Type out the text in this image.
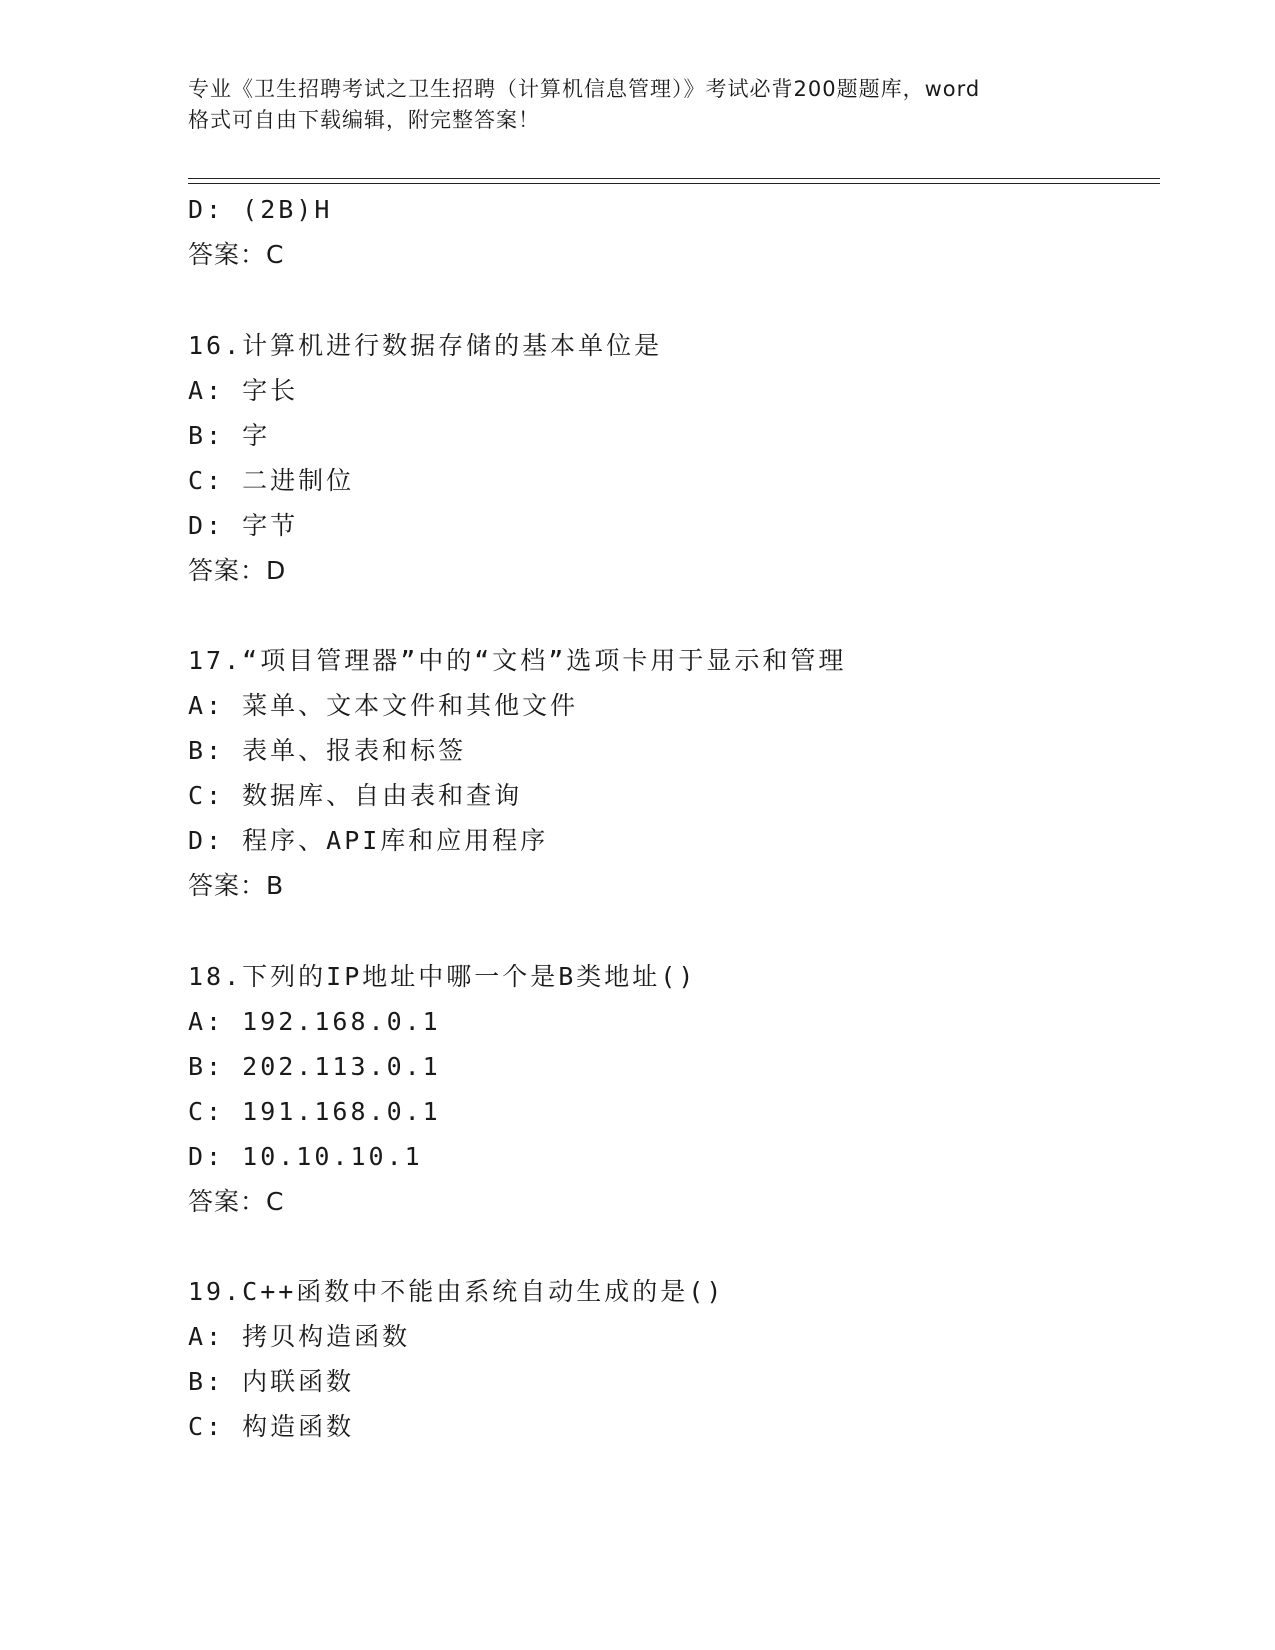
专业《卫生招聘考试之卫生招聘（计算机信息管理）》考试必背200题题库，word
格式可自由下载编辑，附完整答案！
D: (2B)H
答案：C
16.计算机进行数据存储的基本单位是
A: 字长
B: 字
C: 二进制位
D: 字节
答案：D
17.“项目管理器”中的“文档”选项卡用于显示和管理
A: 菜单、文本文件和其他文件
B: 表单、报表和标签
C: 数据库、自由表和查询
D: 程序、API库和应用程序
答案：B
18.下列的IP地址中哪一个是B类地址()
A: 192.168.0.1
B: 202.113.0.1
C: 191.168.0.1
D: 10.10.10.1
答案：C
19.C++函数中不能由系统自动生成的是()
A: 拷贝构造函数
B: 内联函数
C: 构造函数
